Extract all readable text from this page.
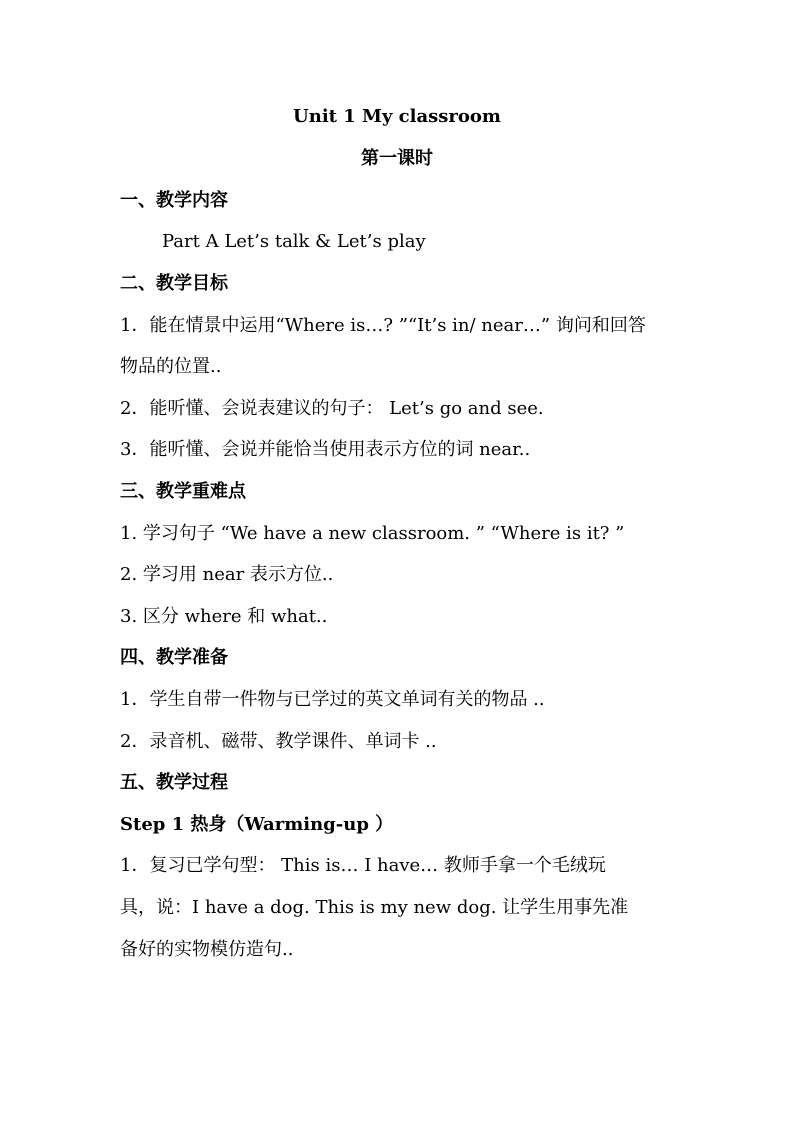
Unit 1 My classroom
第一课时
一、教学内容
Part A Let’s talk & Let’s play
二、教学目标
1．能在情景中运用“Where is…? ”“It’s in/ near…” 询问和回答
物品的位置..
2．能听懂、会说表建议的句子： Let’s go and see.
3．能听懂、会说并能恰当使用表示方位的词 near..
三、教学重难点
1. 学习句子 “We have a new classroom. ” “Where is it? ”
2. 学习用 near 表示方位..
3. 区分 where 和 what..
四、教学准备
1．学生自带一件物与已学过的英文单词有关的物品 ..
2．录音机、磁带、教学课件、单词卡 ..
五、教学过程
Step 1 热身（Warming-up ）
1．复习已学句型： This is… I have… 教师手拿一个毛绒玩
具，说：I have a dog. This is my new dog. 让学生用事先准
备好的实物模仿造句..
